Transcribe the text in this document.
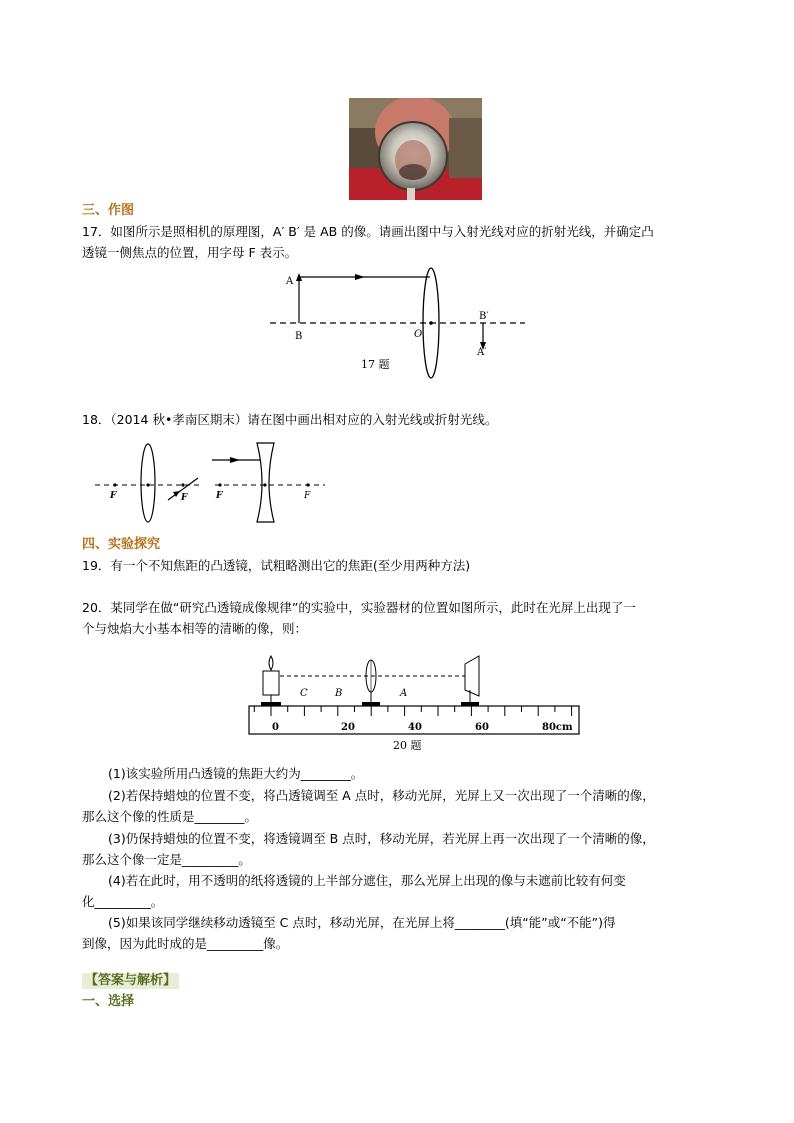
三、作图
17．如图所示是照相机的原理图，A′ B′ 是 AB 的像。请画出图中与入射光线对应的折射光线，并确定凸
透镜一侧焦点的位置，用字母 F 表示。
A
B	O
B′
A′
17 题
18．（2014 秋•孝南区期末）请在图中画出相对应的入射光线或折射光线。
F	F	F	F
四、实验探究
19．有一个不知焦距的凸透镜，试粗略测出它的焦距(至少用两种方法)
20．某同学在做“研究凸透镜成像规律”的实验中，实验器材的位置如图所示，此时在光屏上出现了一
个与烛焰大小基本相等的清晰的像，则：
C	B	A
0	20	40	60	80cm
20 题
(1)该实验所用凸透镜的焦距大约为________。
(2)若保持蜡烛的位置不变，将凸透镜调至 A 点时，移动光屏，光屏上又一次出现了一个清晰的像，
那么这个像的性质是________。
(3)仍保持蜡烛的位置不变，将透镜调至 B 点时，移动光屏，若光屏上再一次出现了一个清晰的像，
那么这个像一定是_________。
(4)若在此时，用不透明的纸将透镜的上半部分遮住，那么光屏上出现的像与未遮前比较有何变
化_________。
(5)如果该同学继续移动透镜至 C 点时，移动光屏，在光屏上将________(填“能”或“不能”)得
到像，因为此时成的是_________像。
【答案与解析】
一、选择
